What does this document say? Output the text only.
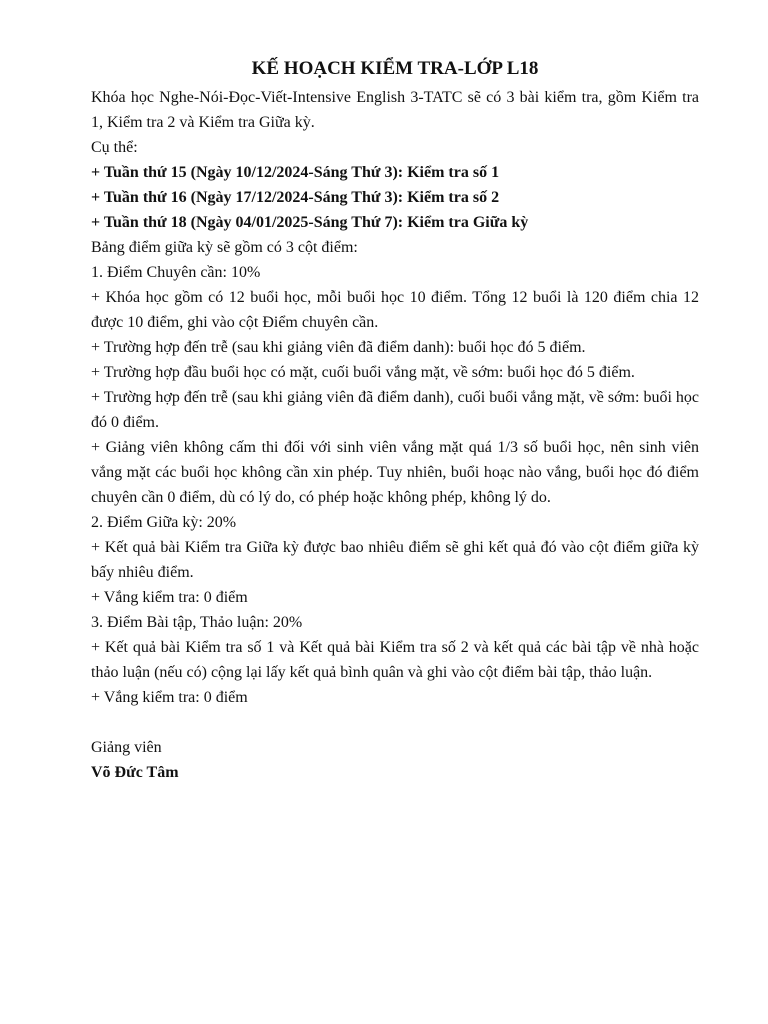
KẾ HOẠCH KIỂM TRA-LỚP L18

Khóa học Nghe-Nói-Đọc-Viết-Intensive English 3-TATC sẽ có 3 bài kiểm tra, gồm Kiểm tra 1, Kiểm tra 2 và Kiểm tra Giữa kỳ.

Cụ thể:

+ Tuần thứ 15 (Ngày 10/12/2024-Sáng Thứ 3): Kiểm tra số 1

+ Tuần thứ 16 (Ngày 17/12/2024-Sáng Thứ 3): Kiểm tra số 2

+ Tuần thứ 18 (Ngày 04/01/2025-Sáng Thứ 7): Kiểm tra Giữa kỳ

Bảng điểm giữa kỳ sẽ gồm có 3 cột điểm:

1. Điểm Chuyên cần: 10%

+ Khóa học gồm có 12 buổi học, mỗi buổi học 10 điểm. Tổng 12 buổi là 120 điểm chia 12 được 10 điểm, ghi vào cột Điểm chuyên cần.

+ Trường hợp đến trễ (sau khi giảng viên đã điểm danh): buổi học đó 5 điểm.

+ Trường hợp đầu buổi học có mặt, cuối buổi vắng mặt, về sớm: buổi học đó 5 điểm.

+ Trường hợp đến trễ (sau khi giảng viên đã điểm danh), cuối buổi vắng mặt, về sớm: buổi học đó 0 điểm.

+ Giảng viên không cấm thi đối với sinh viên vắng mặt quá 1/3 số buổi học, nên sinh viên vắng mặt các buổi học không cần xin phép. Tuy nhiên, buổi hoạc nào vắng, buổi học đó điểm chuyên cần 0 điểm, dù có lý do, có phép hoặc không phép, không lý do.

2. Điểm Giữa kỳ: 20%

+ Kết quả bài Kiểm tra Giữa kỳ được bao nhiêu điểm sẽ ghi kết quả đó vào cột điểm giữa kỳ bấy nhiêu điểm.

+ Vắng kiểm tra: 0 điểm

3. Điểm Bài tập, Thảo luận: 20%

+ Kết quả bài Kiểm tra số 1 và Kết quả bài Kiểm tra số 2 và kết quả các bài tập về nhà hoặc thảo luận (nếu có) cộng lại lấy kết quả bình quân và ghi vào cột điểm bài tập, thảo luận.

+ Vắng kiểm tra: 0 điểm

Giảng viên

Võ Đức Tâm
